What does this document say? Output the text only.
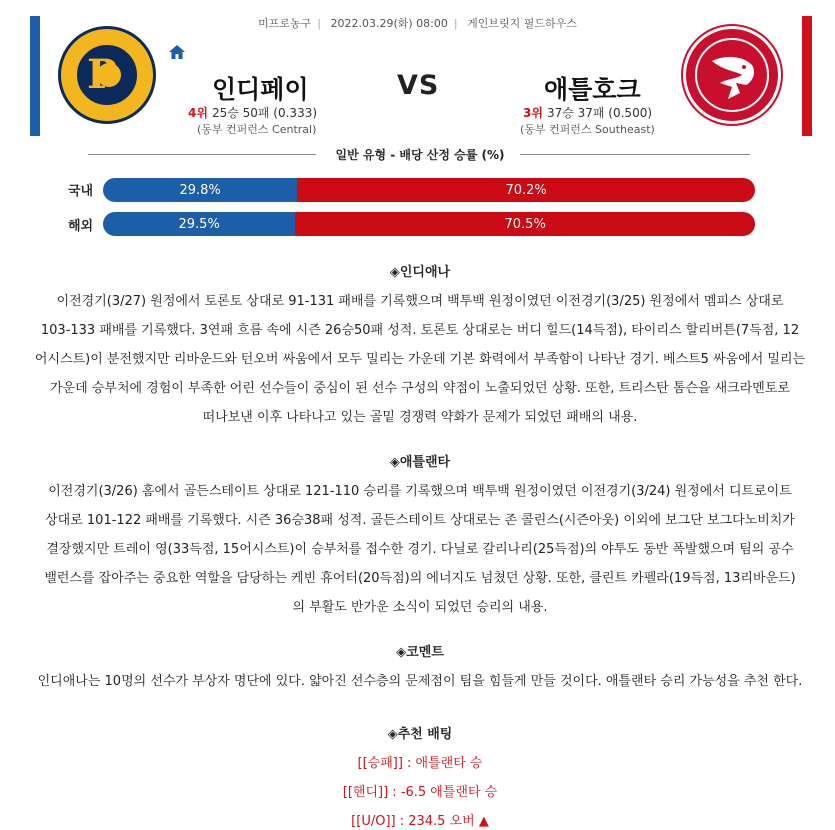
미프로농구 | 2022.03.29(화) 08:00 | 게인브릿지 필드하우스
P	인디페이	VS	애틀호크
4위 25승 50패 (0.333)
(동부 컨퍼런스 Central)
3위 37승 37패 (0.500)
(동부 컨퍼런스 Southeast)
일반 유형 - 배당 산정 승률 (%)
국내	29.8%	70.2%
해외	29.5%	70.5%
◈인디애나
이전경기(3/27) 원정에서 토론토 상대로 91-131 패배를 기록했으며 백투백 원정이였던 이전경기(3/25) 원정에서 멤피스 상대로
103-133 패배를 기록했다. 3연패 흐름 속에 시즌 26승50패 성적. 토론토 상대로는 버디 힐드(14득점), 타이리스 할리버튼(7득점, 12
어시스트)이 분전했지만 리바운드와 턴오버 싸움에서 모두 밀리는 가운데 기본 화력에서 부족함이 나타난 경기. 베스트5 싸움에서 밀리는
가운데 승부처에 경험이 부족한 어린 선수들이 중심이 된 선수 구성의 약점이 노출되었던 상황. 또한, 트리스탄 톰슨을 새크라멘토로
떠나보낸 이후 나타나고 있는 골밑 경쟁력 약화가 문제가 되었던 패배의 내용.
◈애틀랜타
이전경기(3/26) 홈에서 골든스테이트 상대로 121-110 승리를 기록했으며 백투백 원정이였던 이전경기(3/24) 원정에서 디트로이트
상대로 101-122 패배를 기록했다. 시즌 36승38패 성적. 골든스테이트 상대로는 존 콜린스(시즌아웃) 이외에 보그단 보그다노비치가
결장했지만 트레이 영(33득점, 15어시스트)이 승부처를 접수한 경기. 다닐로 갈리나리(25득점)의 야투도 동반 폭발했으며 팀의 공수
밸런스를 잡아주는 중요한 역할을 담당하는 케빈 휴어터(20득점)의 에너지도 넘쳤던 상황. 또한, 클린트 카펠라(19득점, 13리바운드)
의 부활도 반가운 소식이 되었던 승리의 내용.
◈코멘트
인디애나는 10명의 선수가 부상자 명단에 있다. 얇아진 선수층의 문제점이 팀을 힘들게 만들 것이다. 애틀랜타 승리 가능성을 추천 한다.
◈추천 배팅
[[승패]] : 애틀랜타 승
[[핸디]] : -6.5 애틀랜타 승
[[U/O]] : 234.5 오버 ▲
